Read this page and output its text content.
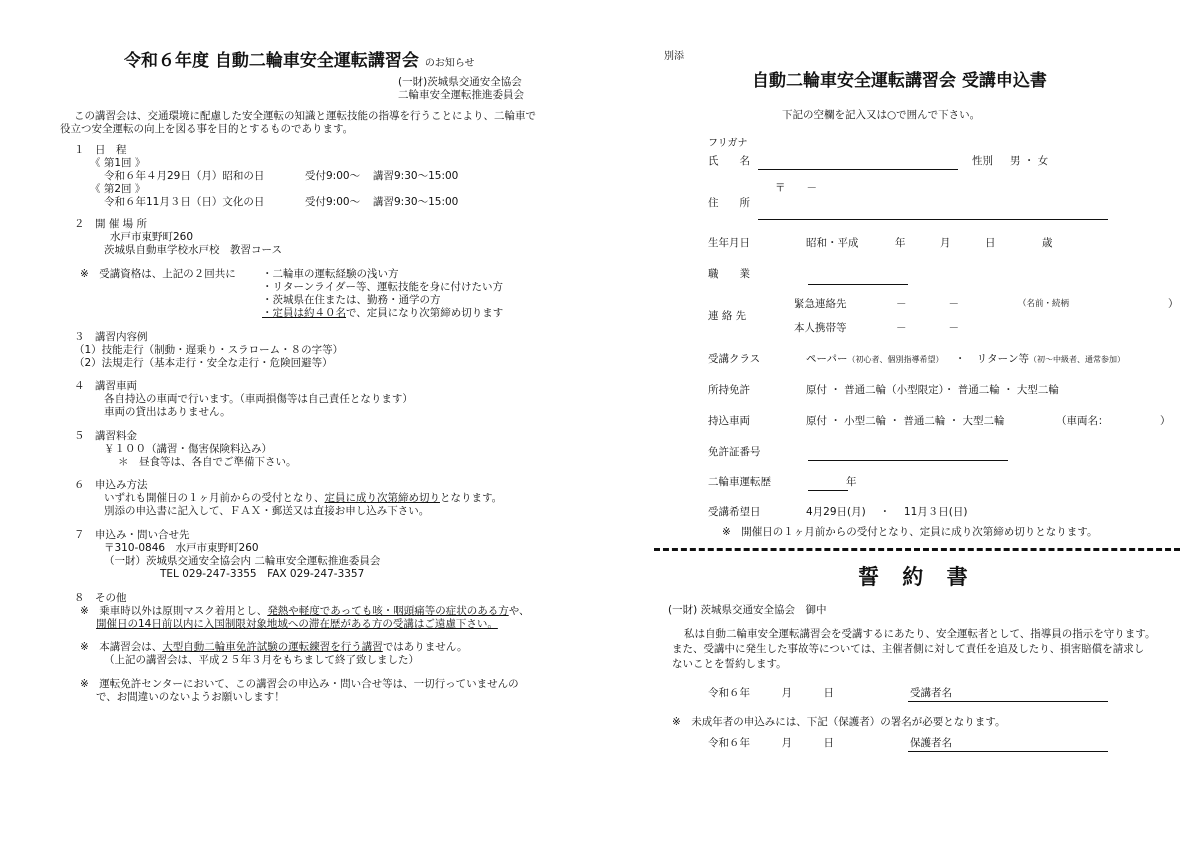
令和６年度 自動二輪車安全運転講習会 のお知らせ
(一財)茨城県交通安全協会
二輪車安全運転推進委員会
この講習会は、交通環境に配慮した安全運転の知識と運転技能の指導を行うことにより、二輪車で
役立つ安全運転の向上を図る事を目的とするものであります。
１　日　程
《 第1回 》
令和６年４月29日（月）昭和の日	受付9:00～ 講習9:30～15:00
《 第2回 》
令和６年11月３日（日）文化の日	受付9:00～ 講習9:30～15:00
２　開 催 場 所
水戸市東野町260
茨城県自動車学校水戸校　教習コース
※　受講資格は、上記の２回共に ・二輪車の運転経験の浅い方
・リターンライダー等、運転技能を身に付けたい方
・茨城県在住または、勤務・通学の方
・定員は約４０名で、定員になり次第締め切ります
３　講習内容例
（1）技能走行（制動・遅乗り・スラローム・８の字等）
（2）法規走行（基本走行・安全な走行・危険回避等）
４　講習車両
各自持込の車両で行います。（車両損傷等は自己責任となります）
車両の貸出はありません。
５　講習料金
￥１００（講習・傷害保険料込み）
＊　昼食等は、各自でご準備下さい。
６　申込み方法
いずれも開催日の１ヶ月前からの受付となり、定員に成り次第締め切りとなります。
別添の申込書に記入して、ＦＡＸ・郵送又は直接お申し込み下さい。
７　申込み・問い合せ先
〒310-0846　水戸市東野町260
（一財）茨城県交通安全協会内 二輪車安全運転推進委員会
TEL 029-247-3355　FAX 029-247-3357
８　その他
※　乗車時以外は原則マスク着用とし、発熱や軽度であっても咳・咽頭痛等の症状のある方や、
開催日の14日前以内に入国制限対象地域への滞在歴がある方の受講はご遠慮下さい。
※　本講習会は、大型自動二輪車免許試験の運転練習を行う講習ではありません。
（上記の講習会は、平成２５年３月をもちまして終了致しました）
※　運転免許センターにおいて、この講習会の申込み・問い合せ等は、一切行っていませんの
で、お間違いのないようお願いします！
別添
自動二輪車安全運転講習会 受講申込書
下記の空欄を記入又は○で囲んで下さい。
フリガナ
氏　　名	性別 男 ・ 女
〒　　－
住　　所
生年月日	昭和・平成	年	月	日	歳
職　　業
緊急連絡先	－　　　　－	（名前・続柄	）
連 絡 先
本人携帯等	－　　　　－
受講クラス	ペーパー（初心者、個別指導希望） ・ リターン等（初～中級者、通常参加）
所持免許	原付 ・ 普通二輪（小型限定）・ 普通二輪 ・ 大型二輪
持込車両	原付 ・ 小型二輪 ・ 普通二輪 ・ 大型二輪	（車両名：	）
免許証番号
二輪車運転歴	年
受講希望日	4月29日(月)　 ・　 11月３日(日)
※　開催日の１ヶ月前からの受付となり、定員に成り次第締め切りとなります。
誓 約 書
(一財) 茨城県交通安全協会　御中
私は自動二輪車安全運転講習会を受講するにあたり、安全運転者として、指導員の指示を守ります。
また、受講中に発生した事故等については、主催者側に対して責任を追及したり、損害賠償を請求し
ないことを誓約します。
令和６年　　　月　　　日	受講者名
※　未成年者の申込みには、下記（保護者）の署名が必要となります。
令和６年　　　月　　　日	保護者名
